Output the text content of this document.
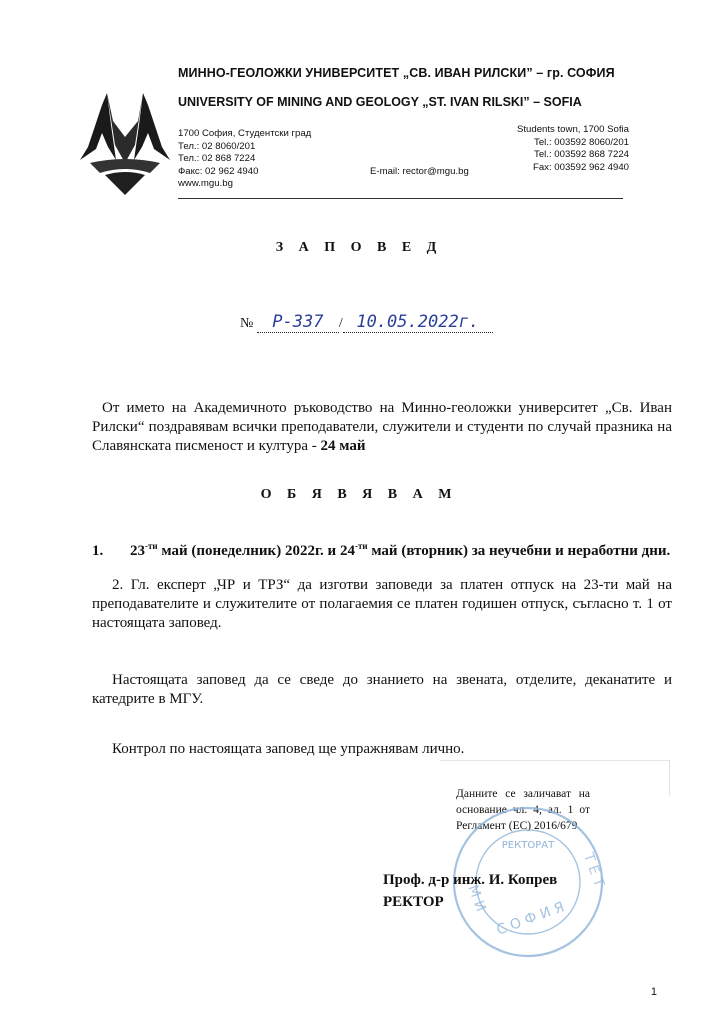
МИННО-ГЕОЛОЖКИ УНИВЕРСИТЕТ „СВ. ИВАН РИЛСКИ” – гр. СОФИЯ
UNIVERSITY OF MINING AND GEOLOGY „ST. IVAN RILSKI” – SOFIA
1700 София, Студентски град
Тел.: 02 8060/201
Тел.: 02 868 7224
Факс: 02 962 4940
www.mgu.bg
E-mail: rector@mgu.bg
Students town, 1700 Sofia
Tel.: 003592 8060/201
Tel.: 003592 868 7224
Fax: 003592 962 4940
З А П О В Е Д
№ Р-337 / 10.05.2022г.
От името на Академичното ръководство на Минно-геоложки университет „Св. Иван Рилски“ поздравявам всички преподаватели, служители и студенти по случай празника на Славянската писменост и култура - 24 май
О Б Я В Я В А М
1. $23^{-ти}$ май (понеделник) 2022г. и $24^{-ти}$ май (вторник) за неучебни и неработни дни.
2. Гл. експерт „ЧР и ТРЗ“ да изготви заповеди за платен отпуск на 23-ти май на преподавателите и служителите от полагаемия се платен годишен отпуск, съгласно т. 1 от настоящата заповед.
Настоящата заповед да се сведе до знанието на звената, отделите, деканатите и катедрите в МГУ.
Контрол по настоящата заповед ще упражнявам лично.
Данните се заличават на основание чл. 4, ал. 1 от Регламент (ЕС) 2016/679
РЕКТОРАТ
С О Ф И Я
М И
Т Е Т
Проф. д-р инж. И. Копрев
РЕКТОР
1
